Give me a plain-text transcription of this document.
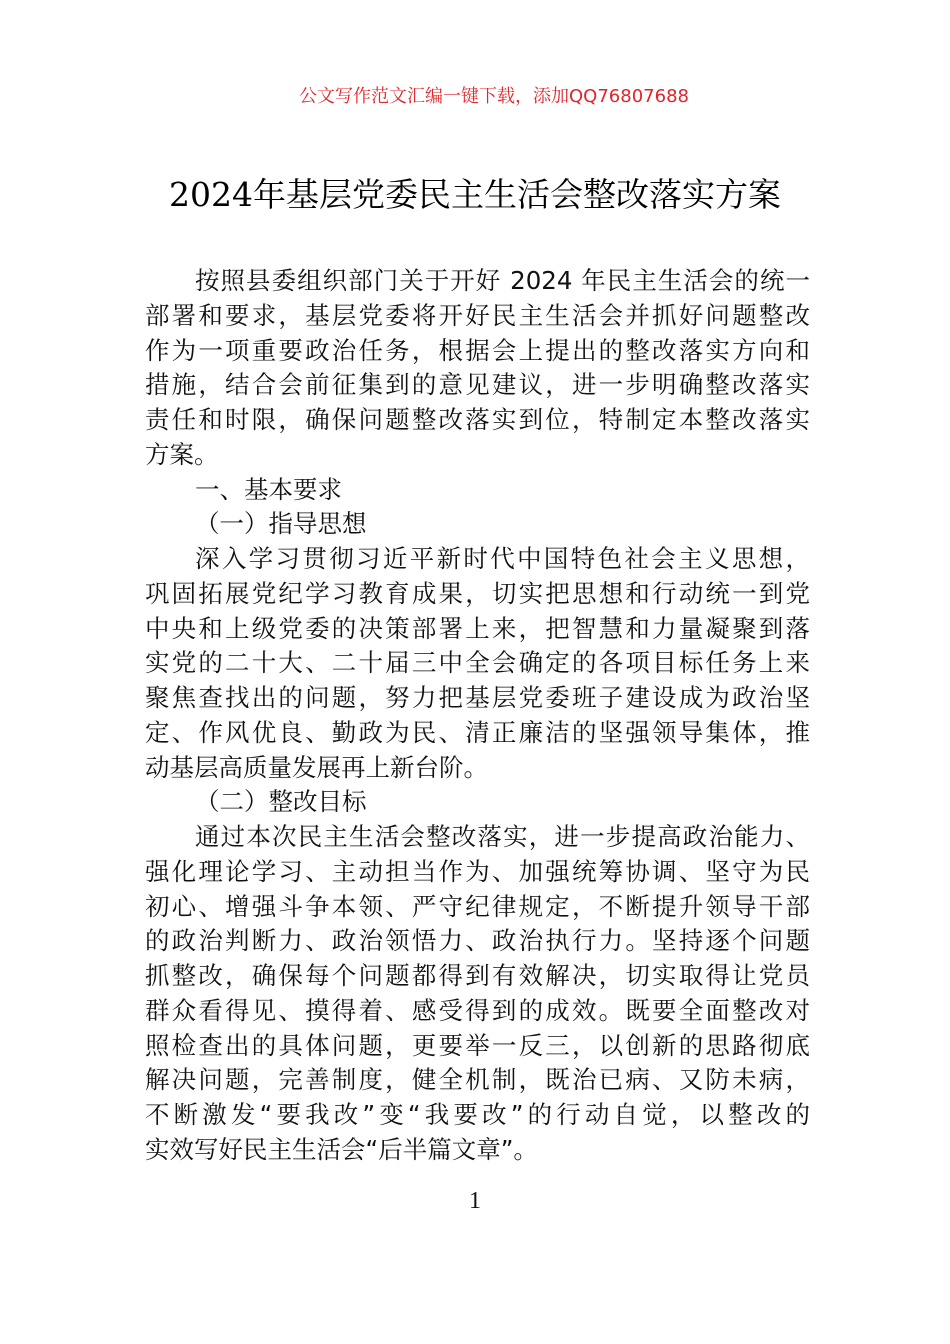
公文写作范文汇编一键下载，添加QQ76807688
2024年基层党委民主生活会整改落实方案
按照县委组织部门关于开好 2024 年民主生活会的统一
部署和要求，基层党委将开好民主生活会并抓好问题整改
作为一项重要政治任务，根据会上提出的整改落实方向和
措施，结合会前征集到的意见建议，进一步明确整改落实
责任和时限，确保问题整改落实到位，特制定本整改落实
方案。
一、基本要求
（一）指导思想
深入学习贯彻习近平新时代中国特色社会主义思想，
巩固拓展党纪学习教育成果，切实把思想和行动统一到党
中央和上级党委的决策部署上来，把智慧和力量凝聚到落
实党的二十大、二十届三中全会确定的各项目标任务上来
聚焦查找出的问题，努力把基层党委班子建设成为政治坚
定、作风优良、勤政为民、清正廉洁的坚强领导集体，推
动基层高质量发展再上新台阶。
（二）整改目标
通过本次民主生活会整改落实，进一步提高政治能力、
强化理论学习、主动担当作为、加强统筹协调、坚守为民
初心、增强斗争本领、严守纪律规定，不断提升领导干部
的政治判断力、政治领悟力、政治执行力。坚持逐个问题
抓整改，确保每个问题都得到有效解决，切实取得让党员
群众看得见、摸得着、感受得到的成效。既要全面整改对
照检查出的具体问题，更要举一反三，以创新的思路彻底
解决问题，完善制度，健全机制，既治已病、又防未病，
不断激发“要我改”变“我要改”的行动自觉，以整改的
实效写好民主生活会“后半篇文章”。
1
